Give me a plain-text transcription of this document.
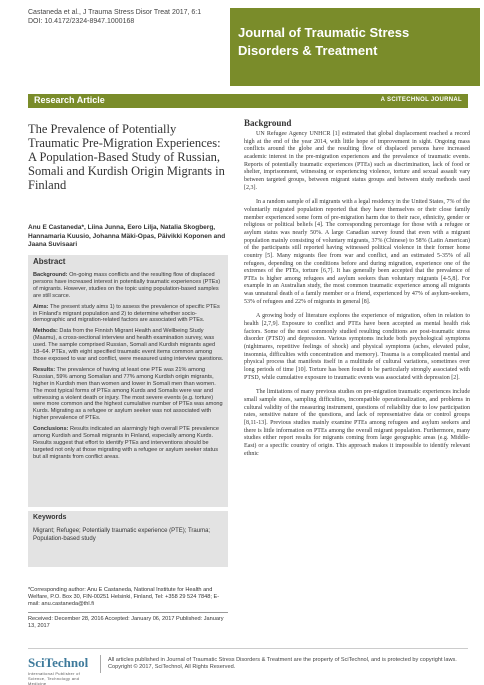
Castaneda et al., J Trauma Stress Disor Treat 2017, 6:1
DOI: 10.4172/2324-8947.1000168
Journal of Traumatic Stress
Disorders & Treatment
Research Article	A SCITECHNOL JOURNAL
The Prevalence of Potentially Traumatic Pre-Migration Experiences: A Population-Based Study of Russian, Somali and Kurdish Origin Migrants in Finland
Anu E Castaneda*, Liina Junna, Eero Lilja, Natalia Skogberg, Hannamaria Kuusio, Johanna Mäki-Opas, Päivikki Koponen and Jaana Suvisaari
Abstract

Background: On-going mass conflicts and the resulting flow of displaced persons have increased interest in potentially traumatic experiences (PTEs) of migrants. However, studies on the topic using population-based samples are still scarce.

Aims: The present study aims 1) to assess the prevalence of specific PTEs in Finland's migrant population and 2) to determine whether socio-demographic and migration-related factors are associated with PTEs.

Methods: Data from the Finnish Migrant Health and Wellbeing Study (Maamu), a cross-sectional interview and health examination survey, was used. The sample comprised Russian, Somali and Kurdish migrants aged 18–64. PTEs, with eight specified traumatic event items common among those exposed to war and conflict, were measured using interview questions.

Results: The prevalence of having at least one PTE was 21% among Russian, 59% among Somalian and 77% among Kurdish origin migrants, higher in Kurdish men than women and lower in Somali men than women. The most typical forms of PTEs among Kurds and Somalis were war and witnessing a violent death or injury. The most severe events (e.g. torture) were more common and the highest cumulative number of PTEs was among Kurds. Migrating as a refugee or asylum seeker was not associated with higher prevalence of PTEs.

Conclusions: Results indicated an alarmingly high overall PTE prevalence among Kurdish and Somali migrants in Finland, especially among Kurds. Results suggest that effort to identify PTEs and interventions should be targeted not only at those migrating with a refugee or asylum seeker status but all migrants from conflict areas.

Keywords
Migrant; Refugee; Potentially traumatic experience (PTE); Trauma; Population-based study
*Corresponding author: Anu E Castaneda, National Institute for Health and Welfare, P.O. Box 30, FIN-00251 Helsinki, Finland, Tel: +358 29 524 7848; E-mail: anu.castaneda@thl.fi
Received: December 28, 2016 Accepted: January 06, 2017 Published: January 13, 2017
Background

UN Refugee Agency UNHCR [1] estimated that global displacement reached a record high at the end of the year 2014, with little hope of improvement in sight. Ongoing mass conflicts around the globe and the resulting flow of displaced persons have increased academic interest in the pre-migration experiences and the prevalence of traumatic events. Reports of potentially traumatic experiences (PTEs) such as discrimination, lack of food or shelter, imprisonment, witnessing or experiencing violence, torture and sexual assault vary between targeted groups, between migrant status groups and between study methods used [2,3].

In a random sample of all migrants with a legal residency in the United States, 7% of the voluntarily migrated population reported that they have themselves or their close family member experienced some form of pre-migration harm due to their race, ethnicity, gender or religious or political beliefs [4]. The corresponding percentage for those with a refugee or asylum status was nearly 50%. A large Canadian survey found that even with a migrant population mainly consisting of voluntary migrants, 37% (Chinese) to 58% (Latin American) of the participants still reported having witnessed political violence in their former home country [5]. Many migrants flee from war and conflict, and an estimated 5-35% of all refugees, depending on the conditions before and during migration, experience one of the extremes of the PTEs, torture [6,7]. It has generally been accepted that the prevalence of PTEs is higher among refugees and asylum seekers than voluntary migrants [4-5,8]. For example in an Australian study, the most common traumatic experience among all migrants was unnatural death of a family member or a friend, experienced by 47% of asylum-seekers, 53% of refugees and 22% of migrants in general [8].

A growing body of literature explores the experience of migration, often in relation to health [2,7,9]. Exposure to conflict and PTEs have been accepted as mental health risk factors. Some of the most commonly studied resulting conditions are post-traumatic stress disorder (PTSD) and depression. Various symptoms include both psychological symptoms (nightmares, repetitive feelings of shock) and physical symptoms (aches, elevated pulse, insomnia, difficulties with concentration and memory). Trauma is a complicated mental and physical process that manifests itself in a multitude of cultural variations, sometimes over long periods of time [10]. Torture has been found to be particularly strongly associated with PTSD, while cumulative exposure to traumatic events was associated with depression [2].

The limitations of many previous studies on pre-migration traumatic experiences include small sample sizes, sampling difficulties, incompatible operationalization, and problems in cultural validity of the measuring instrument, questions of reliability due to low participation rates, sensitive nature of the questions, and lack of representative data or control groups [8,11-13]. Previous studies mainly examine PTEs among refugees and asylum seekers and there is little information on PTEs among the overall migrant population. Furthermore, many studies either report results for migrants coming from large geographic areas (e.g. Middle-East) or a specific country of origin. This approach makes it impossible to identify relevant ethnic

SciTechnol
International Publisher of Science, Technology and Medicine
All articles published in Journal of Traumatic Stress Disorders & Treatment are the property of SciTechnol, and is protected by copyright laws. Copyright © 2017, SciTechnol, All Rights Reserved.
